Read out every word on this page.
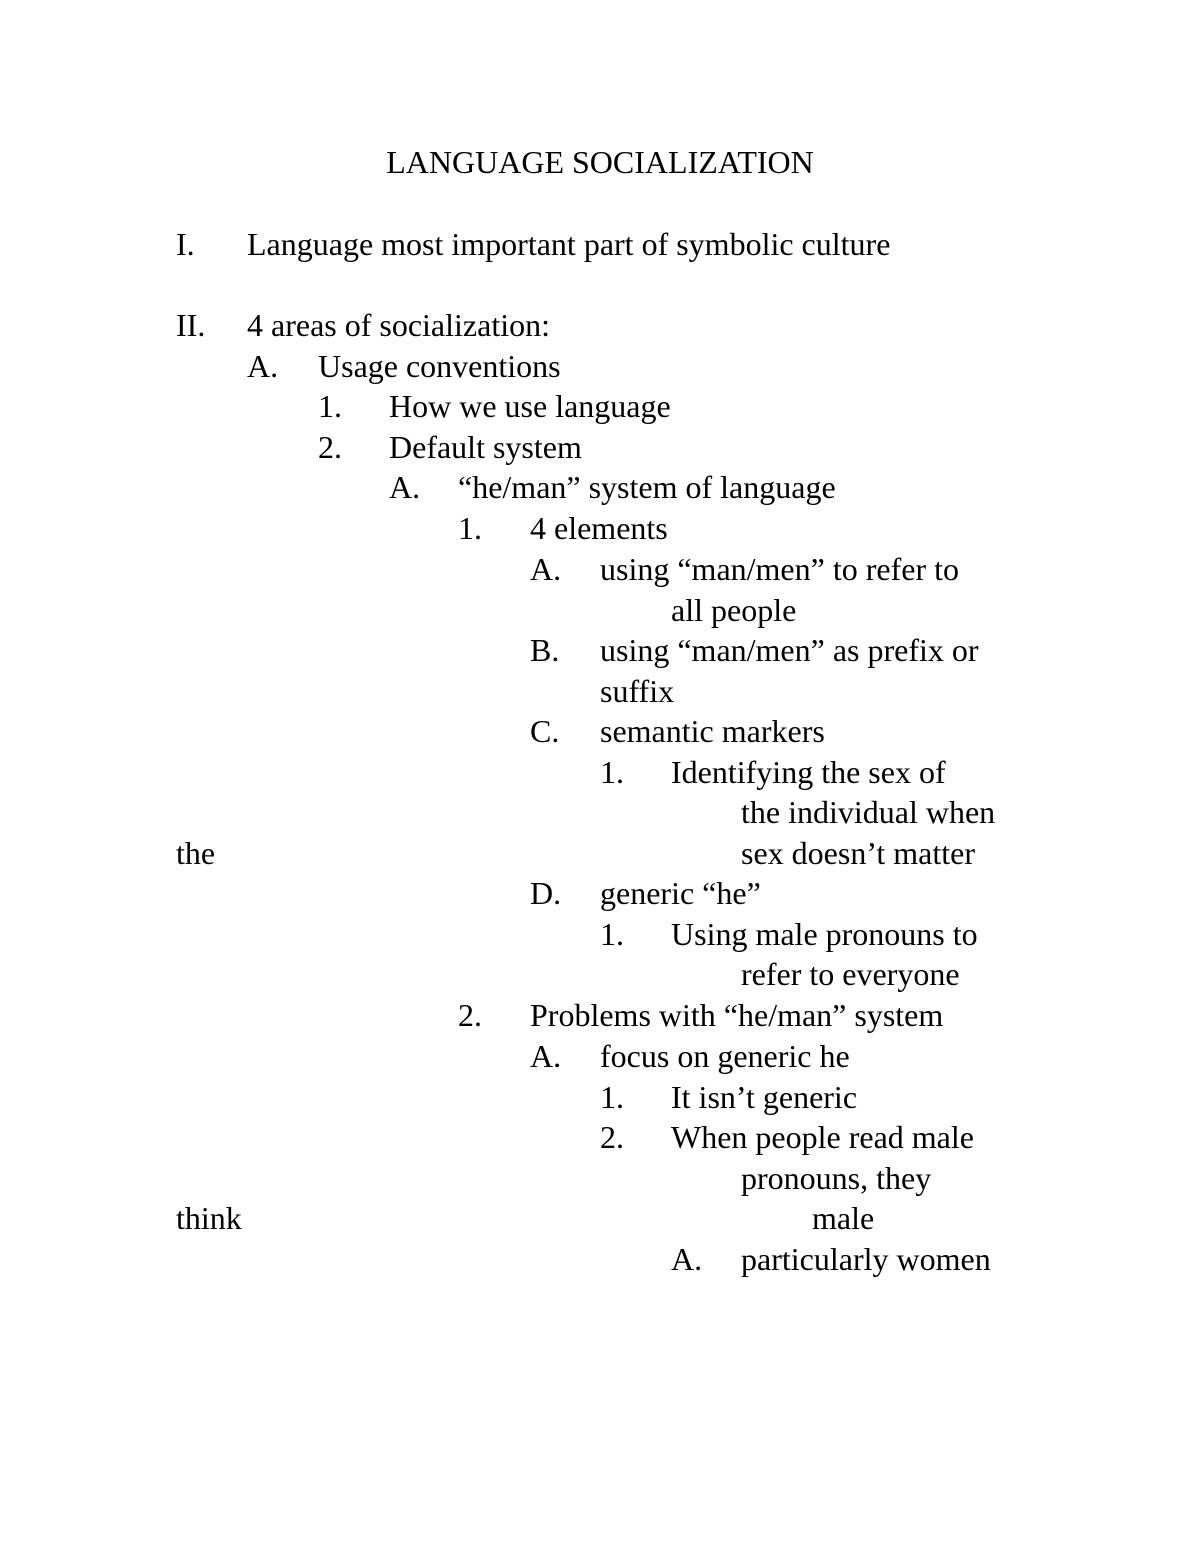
LANGUAGE SOCIALIZATION
I. Language most important part of symbolic culture
II. 4 areas of socialization:
A. Usage conventions
1. How we use language
2. Default system
A. “he/man” system of language
1. 4 elements
A. using “man/men” to refer to
all people
B. using “man/men” as prefix or
suffix
C. semantic markers
1. Identifying the sex of
the individual when
the	sex doesn’t matter
D. generic “he”
1. Using male pronouns to
refer to everyone
2. Problems with “he/man” system
A. focus on generic he
1. It isn’t generic
2. When people read male
pronouns, they
think	male
A. particularly women
